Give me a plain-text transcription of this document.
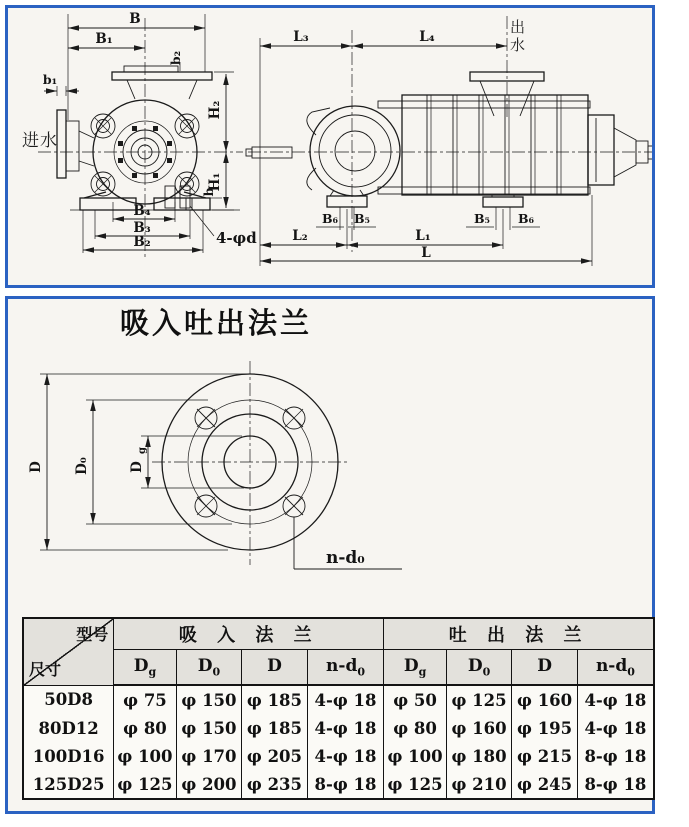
B
B₁
b₂
b₁
H₂
H₁
b
B₄
B₃
B₂	4-φd
L₃	L₄
B₆ B₅	B₅ B₆
L₂	L₁
L
进水
出水
吸入吐出法兰
D D₀	D
g
n-d₀
型号
尺寸	吸 入 法 兰				吐 出 法 兰			
	$D_g$	$D_0$	D	$n-d_0$	$D_g$	$D_0$	D	$n-d_0$
50D8	φ 75	φ 150	φ 185	4-φ 18	φ 50	φ 125	φ 160	4-φ 18
80D12	φ 80	φ 150	φ 185	4-φ 18	φ 80	φ 160	φ 195	4-φ 18
100D16	φ 100	φ 170	φ 205	4-φ 18	φ 100	φ 180	φ 215	8-φ 18
125D25	φ 125	φ 200	φ 235	8-φ 18	φ 125	φ 210	φ 245	8-φ 18
